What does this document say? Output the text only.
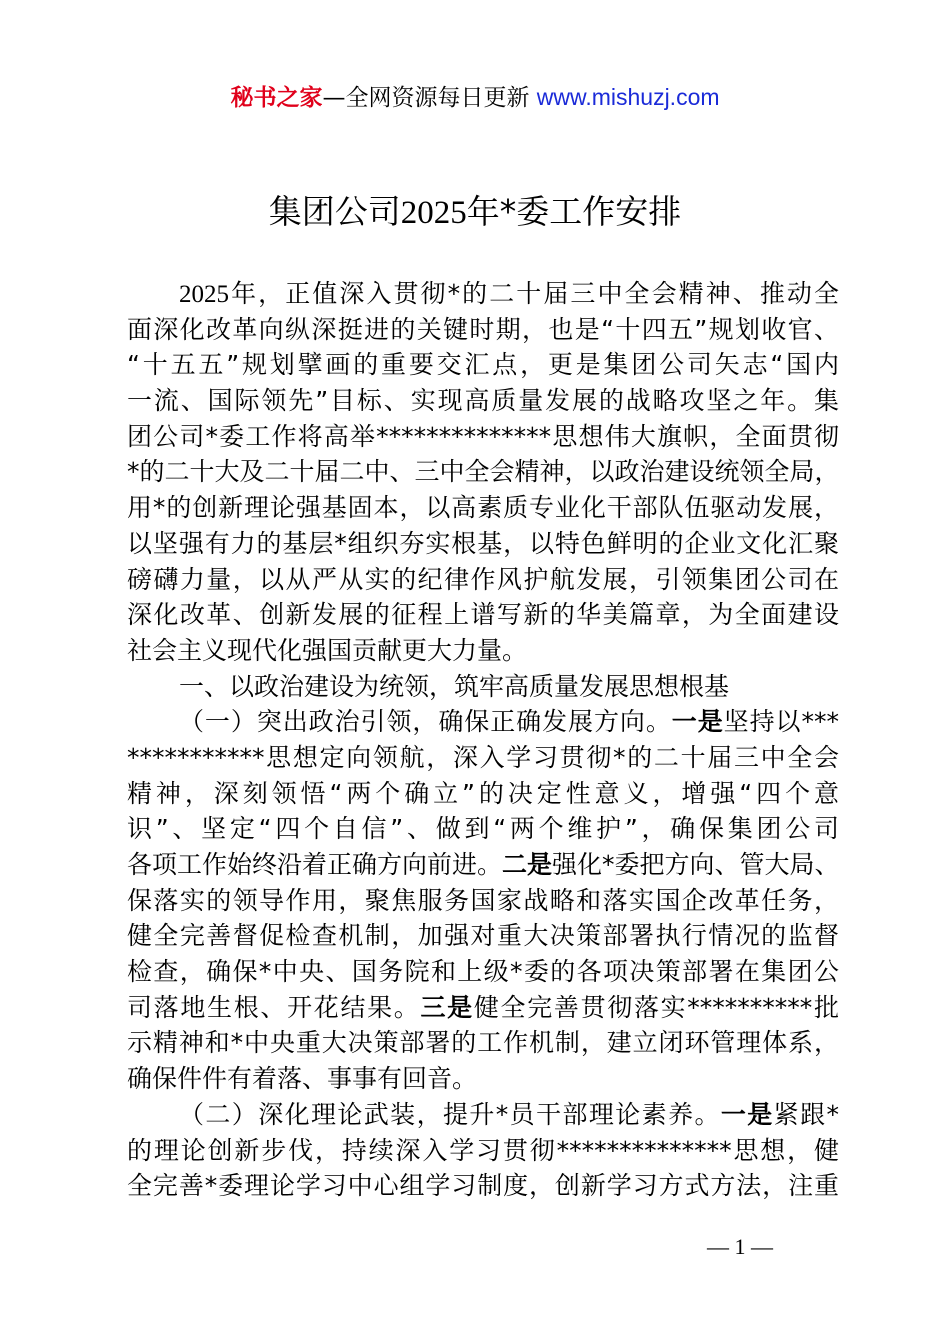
秘书之家—全网资源每日更新 www.mishuzj.com
集团公司2025年*委工作安排
2025年，正值深入贯彻*的二十届三中全会精神、推动全
面深化改革向纵深挺进的关键时期，也是“十四五”规划收官、
“十五五”规划擘画的重要交汇点，更是集团公司矢志“国内
一流、国际领先”目标、实现高质量发展的战略攻坚之年。集
团公司*委工作将高举**************思想伟大旗帜，全面贯彻
*的二十大及二十届二中、三中全会精神，以政治建设统领全局，
用*的创新理论强基固本，以高素质专业化干部队伍驱动发展，
以坚强有力的基层*组织夯实根基，以特色鲜明的企业文化汇聚
磅礴力量，以从严从实的纪律作风护航发展，引领集团公司在
深化改革、创新发展的征程上谱写新的华美篇章，为全面建设
社会主义现代化强国贡献更大力量。
一、以政治建设为统领，筑牢高质量发展思想根基
（一）突出政治引领，确保正确发展方向。一是坚持以***
***********思想定向领航，深入学习贯彻*的二十届三中全会
精神，深刻领悟“两个确立”的决定性意义，增强“四个意
识”、坚定“四个自信”、做到“两个维护”，确保集团公司
各项工作始终沿着正确方向前进。二是强化*委把方向、管大局、
保落实的领导作用，聚焦服务国家战略和落实国企改革任务，
健全完善督促检查机制，加强对重大决策部署执行情况的监督
检查，确保*中央、国务院和上级*委的各项决策部署在集团公
司落地生根、开花结果。三是健全完善贯彻落实**********批
示精神和*中央重大决策部署的工作机制，建立闭环管理体系，
确保件件有着落、事事有回音。
（二）深化理论武装，提升*员干部理论素养。一是紧跟*
的理论创新步伐，持续深入学习贯彻**************思想，健
全完善*委理论学习中心组学习制度，创新学习方式方法，注重
— 1 —
